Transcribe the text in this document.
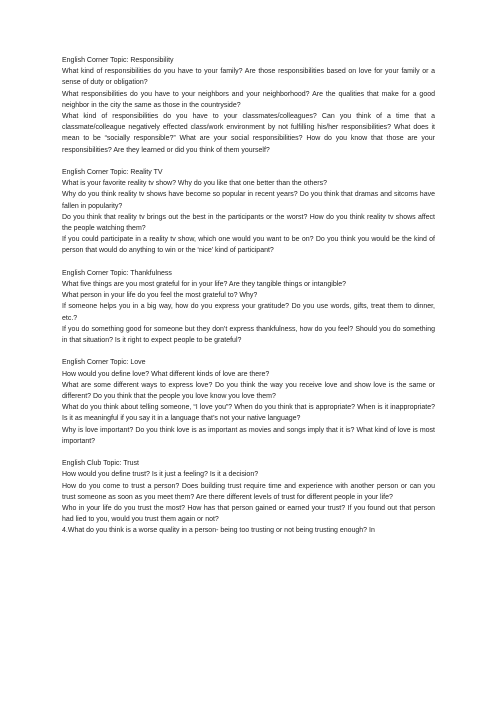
English Corner Topic: Responsibility

What kind of responsibilities do you have to your family? Are those responsibilities based on love for your family or a sense of duty or obligation?

What responsibilities do you have to your neighbors and your neighborhood? Are the qualities that make for a good neighbor in the city the same as those in the countryside?

What kind of responsibilities do you have to your classmates/colleagues? Can you think of a time that a classmate/colleague negatively effected class/work environment by not fulfilling his/her responsibilities? What does it mean to be “socially responsible?” What are your social responsibilities? How do you know that those are your responsibilities? Are they learned or did you think of them yourself?

English Corner Topic: Reality TV

What is your favorite reality tv show? Why do you like that one better than the others?

Why do you think reality tv shows have become so popular in recent years? Do you think that dramas and sitcoms have fallen in popularity?

Do you think that reality tv brings out the best in the participants or the worst? How do you think reality tv shows affect the people watching them?

If you could participate in a reality tv show, which one would you want to be on? Do you think you would be the kind of person that would do anything to win or the ‘nice’ kind of participant?

English Corner Topic: Thankfulness

What five things are you most grateful for in your life? Are they tangible things or intangible?

What person in your life do you feel the most grateful to? Why?

If someone helps you in a big way, how do you express your gratitude? Do you use words, gifts, treat them to dinner, etc.?

If you do something good for someone but they don’t express thankfulness, how do you feel? Should you do something in that situation? Is it right to expect people to be grateful?

English Corner Topic: Love

How would you define love? What different kinds of love are there?

What are some different ways to express love? Do you think the way you receive love and show love is the same or different? Do you think that the people you love know you love them?

What do you think about telling someone, “I love you”? When do you think that is appropriate? When is it inappropriate? Is it as meaningful if you say it in a language that’s not your native language?

Why is love important? Do you think love is as important as movies and songs imply that it is? What kind of love is most important?

English Club Topic: Trust

How would you define trust? Is it just a feeling? Is it a decision?

How do you come to trust a person? Does building trust require time and experience with another person or can you trust someone as soon as you meet them? Are there different levels of trust for different people in your life?

Who in your life do you trust the most? How has that person gained or earned your trust? If you found out that person had lied to you, would you trust them again or not?

4.What do you think is a worse quality in a person- being too trusting or not being trusting enough? In
